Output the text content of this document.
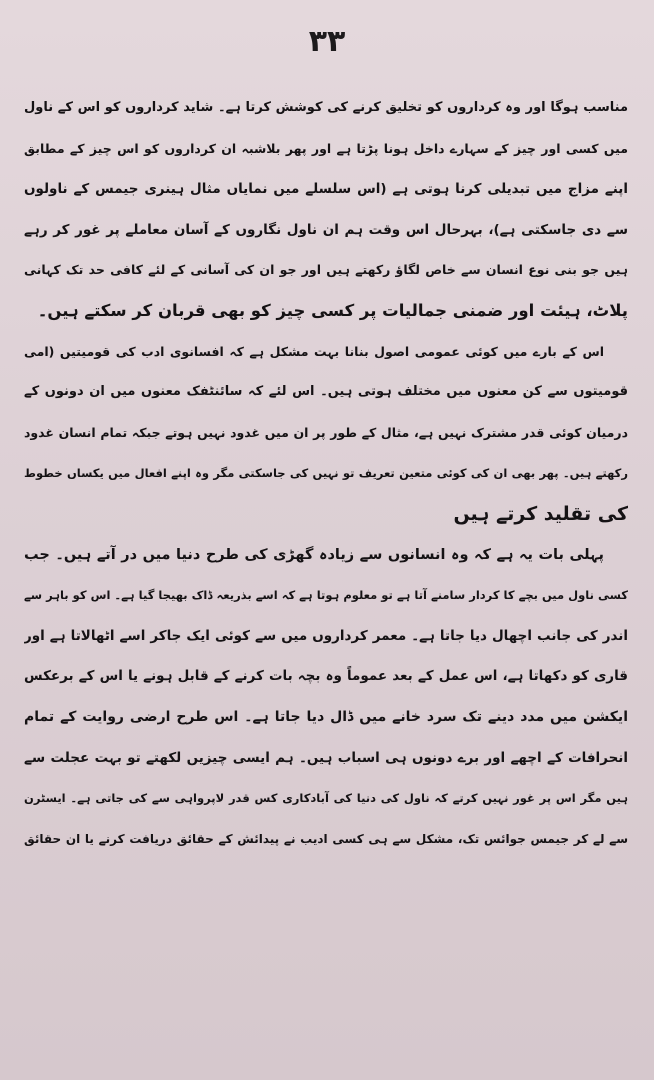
۳۳
مناسب ہوگا اور وہ کرداروں کو تخلیق کرنے کی کوشش کرتا ہے۔ شاید کرداروں کو اس کے ناول
میں کسی اور چیز کے سہارے داخل ہونا پڑتا ہے اور پھر بلاشبہ ان کرداروں کو اس چیز کے مطابق
اپنے مزاج میں تبدیلی کرنا ہوتی ہے (اس سلسلے میں نمایاں مثال ہینری جیمس کے ناولوں
سے دی جاسکتی ہے)، بہرحال اس وقت ہم ان ناول نگاروں کے آسان معاملے پر غور کر رہے
ہیں جو بنی نوع انسان سے خاص لگاؤ رکھتے ہیں اور جو ان کی آسانی کے لئے کافی حد تک کہانی
پلاٹ، ہیئت اور ضمنی جمالیات پر کسی چیز کو بھی قربان کر سکتے ہیں۔
اس کے بارے میں کوئی عمومی اصول بنانا بہت مشکل ہے کہ افسانوی ادب کی قومیتیں (امی
قومیتوں سے کن معنوں میں مختلف ہوتی ہیں۔ اس لئے کہ سائنٹفک معنوں میں ان دونوں کے
درمیان کوئی قدر مشترک نہیں ہے، مثال کے طور پر ان میں غدود نہیں ہوتے جبکہ تمام انسان غدود
رکھتے ہیں۔ پھر بھی ان کی کوئی متعین تعریف تو نہیں کی جاسکتی مگر وہ اپنے افعال میں یکساں خطوط
کی تقلید کرتے ہیں
پہلی بات یہ ہے کہ وہ انسانوں سے زیادہ گھڑی کی طرح دنیا میں در آتے ہیں۔ جب
کسی ناول میں بچے کا کردار سامنے آتا ہے تو معلوم ہوتا ہے کہ اسے بذریعہ ڈاک بھیجا گیا ہے۔ اس کو باہر سے
اندر کی جانب اچھال دیا جاتا ہے۔ معمر کرداروں میں سے کوئی ایک جاکر اسے اٹھالاتا ہے اور
قاری کو دکھاتا ہے، اس عمل کے بعد عموماً وہ بچہ بات کرنے کے قابل ہونے یا اس کے برعکس
ایکشن میں مدد دینے تک سرد خانے میں ڈال دیا جاتا ہے۔ اس طرح ارضی روایت کے تمام
انحرافات کے اچھے اور برے دونوں ہی اسباب ہیں۔ ہم ایسی چیزیں لکھتے تو بہت عجلت سے
ہیں مگر اس پر غور نہیں کرتے کہ ناول کی دنیا کی آبادکاری کس قدر لاپرواہی سے کی جاتی ہے۔ ایسٹرن
سے لے کر جیمس جوائس تک، مشکل سے ہی کسی ادیب نے پیدائش کے حقائق دریافت کرنے یا ان حقائق
